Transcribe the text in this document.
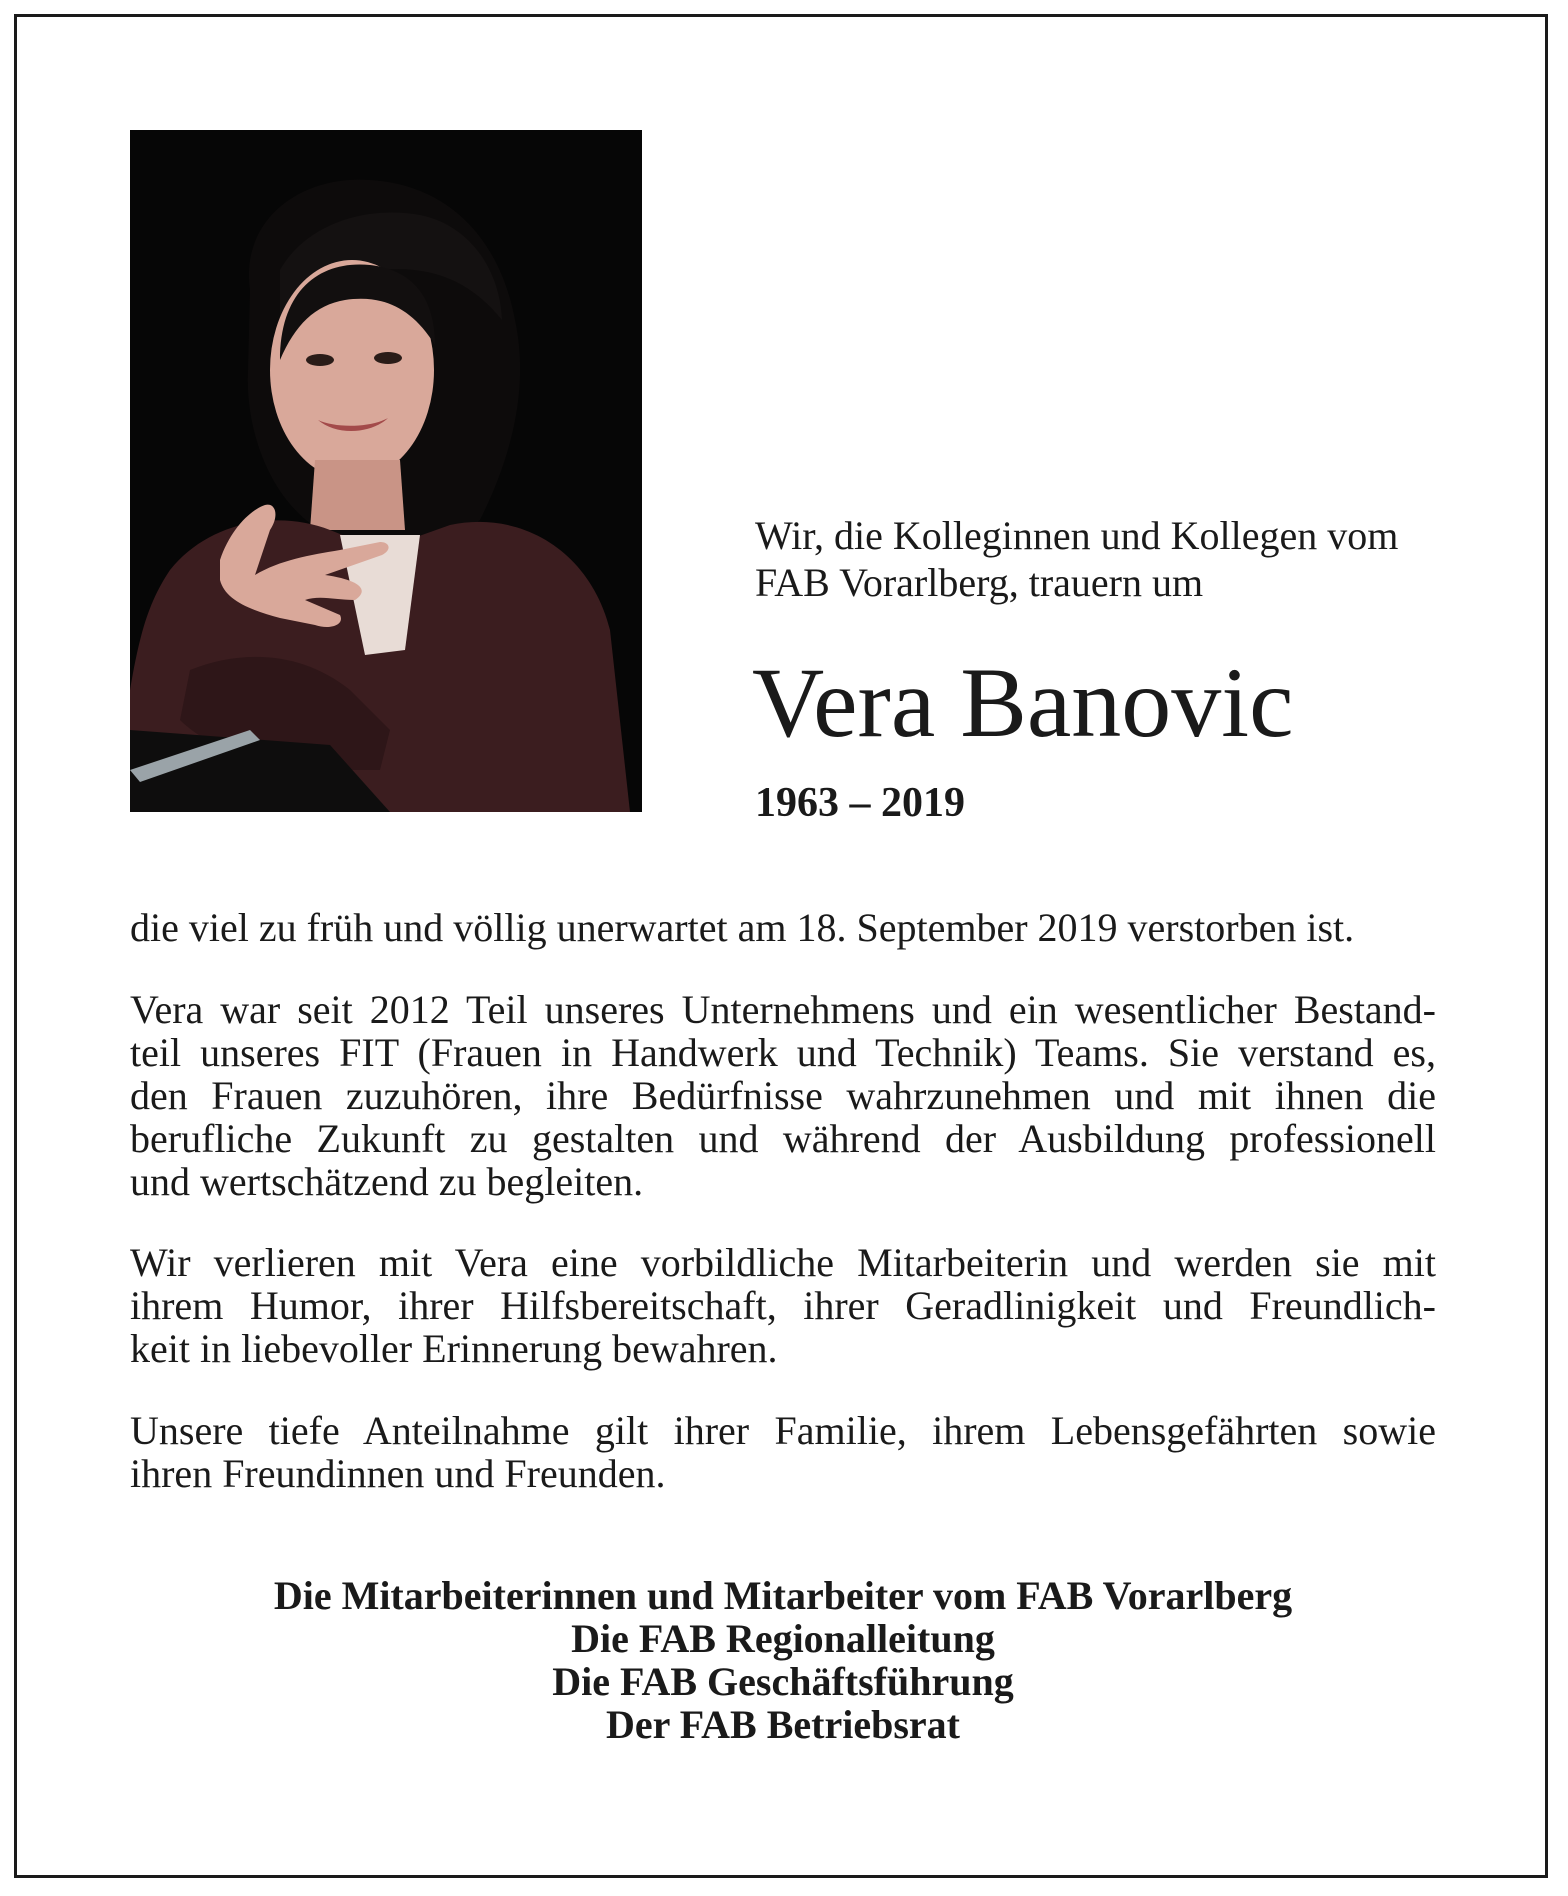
Wir, die Kolleginnen und Kollegen vom
FAB Vorarlberg, trauern um
Vera Banovic
1963 – 2019
die viel zu früh und völlig unerwartet am 18. September 2019 verstorben ist.
Vera war seit 2012 Teil unseres Unternehmens und ein wesentlicher Bestand-
teil unseres FIT (Frauen in Handwerk und Technik) Teams. Sie verstand es,
den Frauen zuzuhören, ihre Bedürfnisse wahrzunehmen und mit ihnen die
berufliche Zukunft zu gestalten und während der Ausbildung professionell
und wertschätzend zu begleiten.
Wir verlieren mit Vera eine vorbildliche Mitarbeiterin und werden sie mit
ihrem Humor, ihrer Hilfsbereitschaft, ihrer Geradlinigkeit und Freundlich-
keit in liebevoller Erinnerung bewahren.
Unsere tiefe Anteilnahme gilt ihrer Familie, ihrem Lebensgefährten sowie
ihren Freundinnen und Freunden.
Die Mitarbeiterinnen und Mitarbeiter vom FAB Vorarlberg
Die FAB Regionalleitung
Die FAB Geschäftsführung
Der FAB Betriebsrat
